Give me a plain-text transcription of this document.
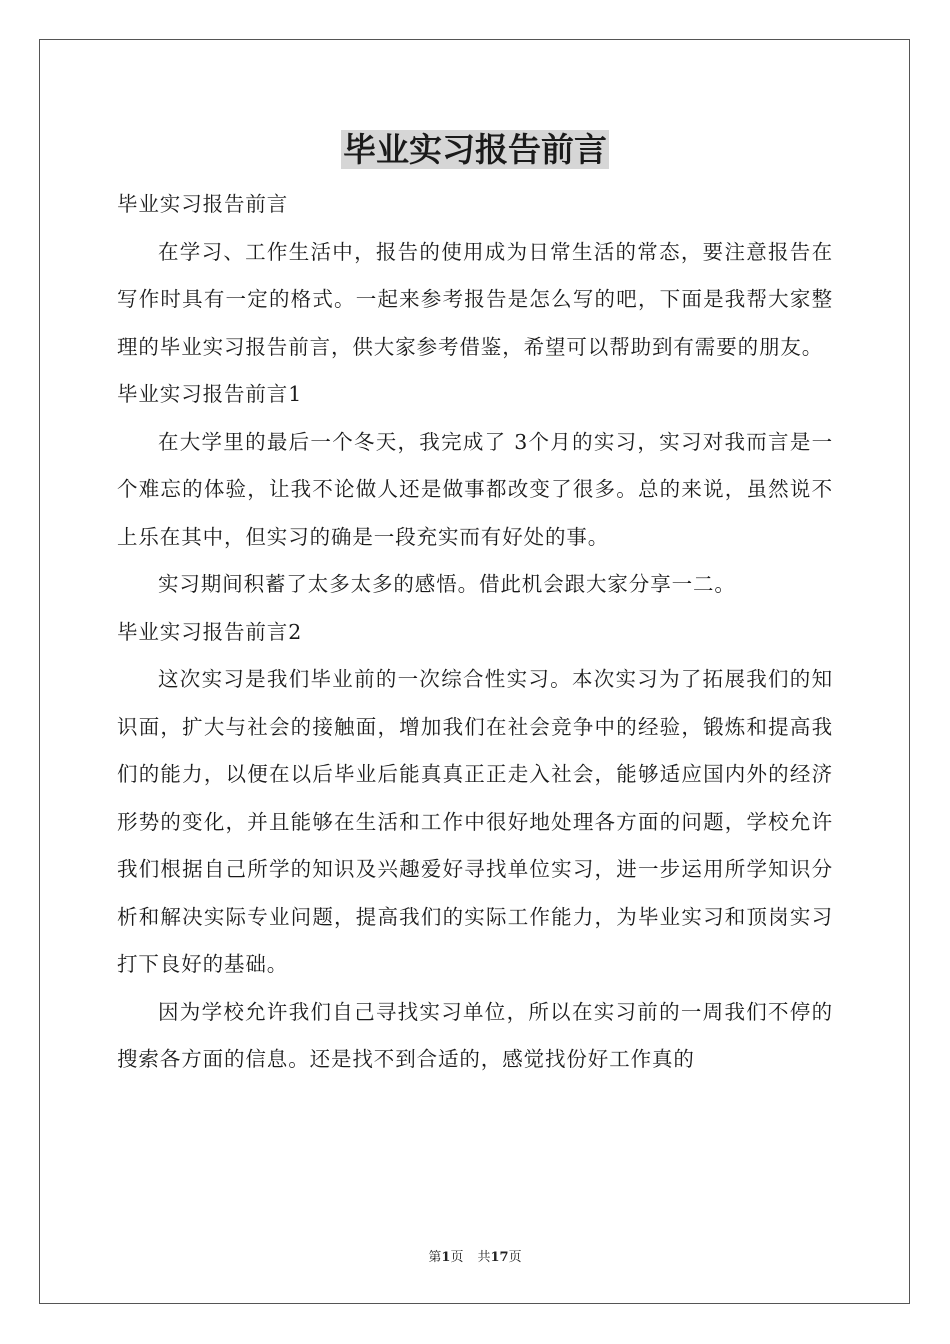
毕业实习报告前言

毕业实习报告前言

在学习、工作生活中，报告的使用成为日常生活的常态，要注意报告在写作时具有一定的格式。一起来参考报告是怎么写的吧，下面是我帮大家整理的毕业实习报告前言，供大家参考借鉴，希望可以帮助到有需要的朋友。

毕业实习报告前言1

在大学里的最后一个冬天，我完成了 3个月的实习，实习对我而言是一个难忘的体验，让我不论做人还是做事都改变了很多。总的来说，虽然说不上乐在其中，但实习的确是一段充实而有好处的事。

实习期间积蓄了太多太多的感悟。借此机会跟大家分享一二。

毕业实习报告前言2

这次实习是我们毕业前的一次综合性实习。本次实习为了拓展我们的知识面，扩大与社会的接触面，增加我们在社会竞争中的经验，锻炼和提高我们的能力，以便在以后毕业后能真真正正走入社会，能够适应国内外的经济形势的变化，并且能够在生活和工作中很好地处理各方面的问题，学校允许我们根据自己所学的知识及兴趣爱好寻找单位实习，进一步运用所学知识分析和解决实际专业问题，提高我们的实际工作能力，为毕业实习和顶岗实习打下良好的基础。

因为学校允许我们自己寻找实习单位，所以在实习前的一周我们不停的搜索各方面的信息。还是找不到合适的，感觉找份好工作真的

第1页 共17页
